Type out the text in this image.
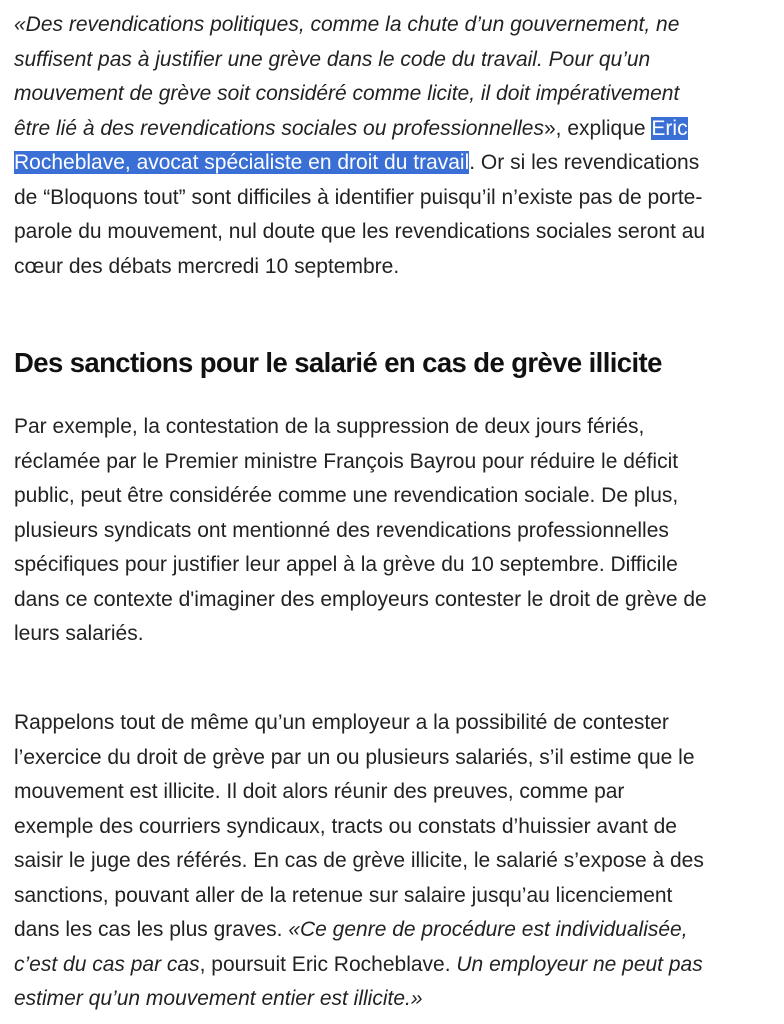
«Des revendications politiques, comme la chute d’un gouvernement, ne
suffisent pas à justifier une grève dans le code du travail. Pour qu’un
mouvement de grève soit considéré comme licite, il doit impérativement
être lié à des revendications sociales ou professionnelles», explique Eric
Rocheblave, avocat spécialiste en droit du travail. Or si les revendications
de “Bloquons tout” sont difficiles à identifier puisqu’il n’existe pas de porte-
parole du mouvement, nul doute que les revendications sociales seront au
cœur des débats mercredi 10 septembre.

Des sanctions pour le salarié en cas de grève illicite

Par exemple, la contestation de la suppression de deux jours fériés,
réclamée par le Premier ministre François Bayrou pour réduire le déficit
public, peut être considérée comme une revendication sociale. De plus,
plusieurs syndicats ont mentionné des revendications professionnelles
spécifiques pour justifier leur appel à la grève du 10 septembre. Difficile
dans ce contexte d'imaginer des employeurs contester le droit de grève de
leurs salariés.

Rappelons tout de même qu’un employeur a la possibilité de contester
l’exercice du droit de grève par un ou plusieurs salariés, s’il estime que le
mouvement est illicite. Il doit alors réunir des preuves, comme par
exemple des courriers syndicaux, tracts ou constats d’huissier avant de
saisir le juge des référés. En cas de grève illicite, le salarié s’expose à des
sanctions, pouvant aller de la retenue sur salaire jusqu’au licenciement
dans les cas les plus graves. «Ce genre de procédure est individualisée,
c’est du cas par cas, poursuit Eric Rocheblave. Un employeur ne peut pas
estimer qu’un mouvement entier est illicite.»
